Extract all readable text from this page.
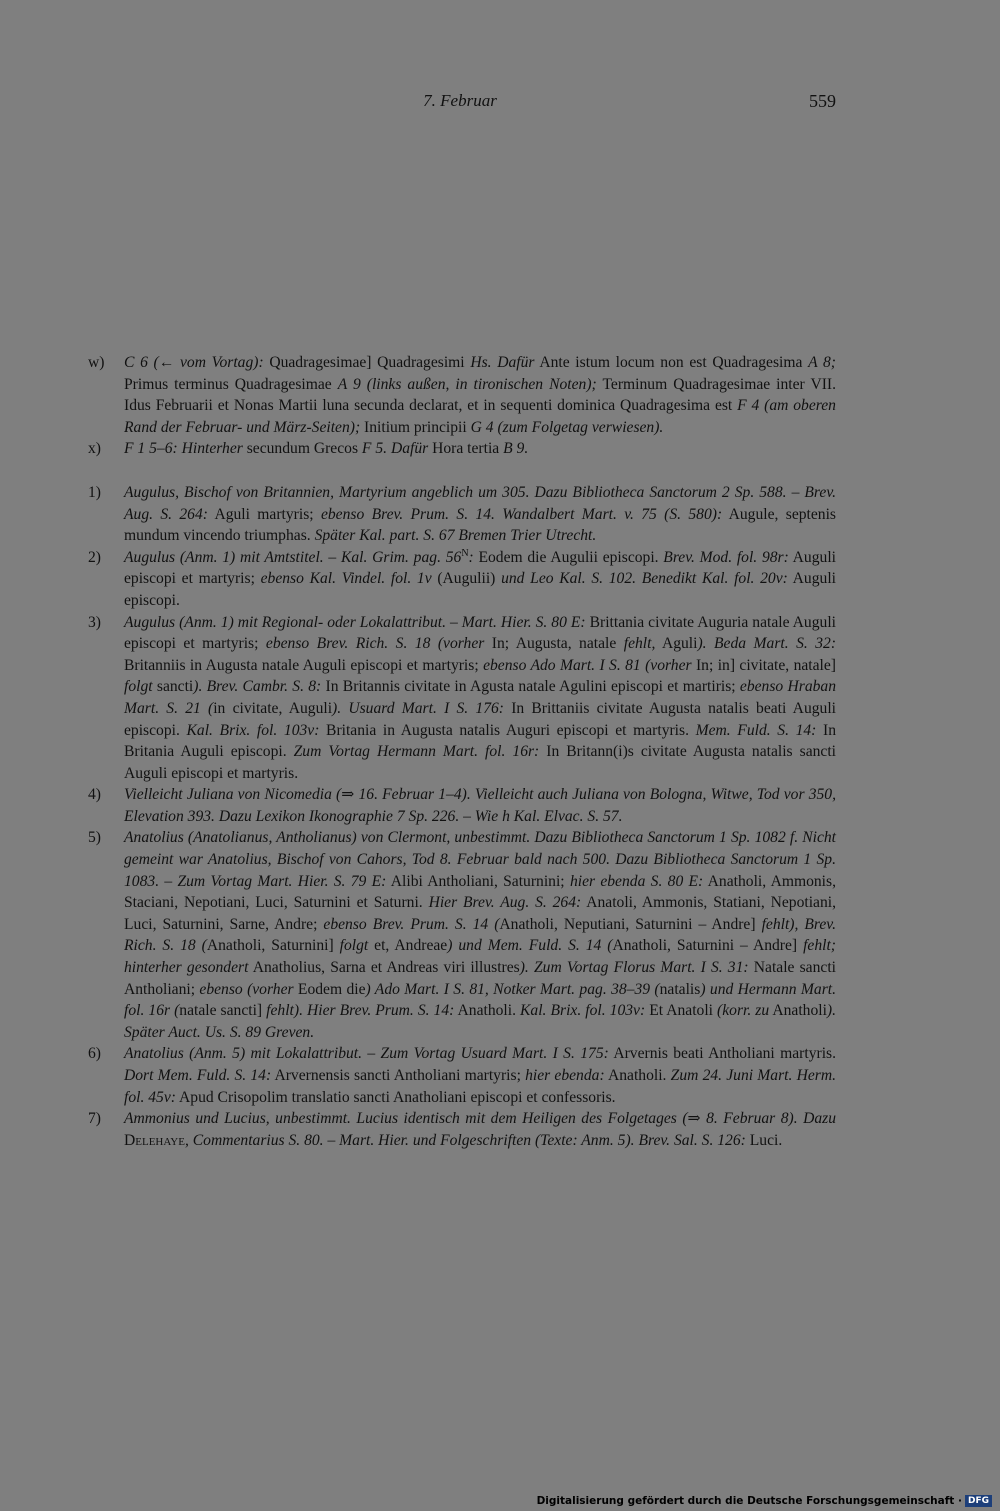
7. Februar	559
w)	C 6 (← vom Vortag): Quadragesimae] Quadragesimi Hs. Dafür Ante istum locum non est Quadragesima A 8; Primus terminus Quadragesimae A 9 (links außen, in tironischen Noten); Terminum Quadragesimae inter VII. Idus Februarii et Nonas Martii luna secunda declarat, et in sequenti dominica Quadragesima est F 4 (am oberen Rand der Februar- und März-Seiten); Initium principii G 4 (zum Folgetag verwiesen).
x)	F 1 5–6: Hinterher secundum Grecos F 5. Dafür Hora tertia B 9.
1)	Augulus, Bischof von Britannien, Martyrium angeblich um 305. Dazu Bibliotheca Sanctorum 2 Sp. 588. – Brev. Aug. S. 264: Aguli martyris; ebenso Brev. Prum. S. 14. Wandalbert Mart. v. 75 (S. 580): Augule, septenis mundum vincendo triumphas. Später Kal. part. S. 67 Bremen Trier Utrecht.
2)	Augulus (Anm. 1) mit Amtstitel. – Kal. Grim. pag. $56^N$: Eodem die Augulii episcopi. Brev. Mod. fol. 98r: Auguli episcopi et martyris; ebenso Kal. Vindel. fol. 1v (Augulii) und Leo Kal. S. 102. Benedikt Kal. fol. 20v: Auguli episcopi.
3)	Augulus (Anm. 1) mit Regional- oder Lokalattribut. – Mart. Hier. S. 80 E: Brittania civitate Auguria natale Auguli episcopi et martyris; ebenso Brev. Rich. S. 18 (vorher In; Augusta, natale fehlt, Aguli). Beda Mart. S. 32: Britanniis in Augusta natale Auguli episcopi et martyris; ebenso Ado Mart. I S. 81 (vorher In; in] civitate, natale] folgt sancti). Brev. Cambr. S. 8: In Britannis civitate in Agusta natale Agulini episcopi et martiris; ebenso Hraban Mart. S. 21 (in civitate, Auguli). Usuard Mart. I S. 176: In Brittaniis civitate Augusta natalis beati Auguli episcopi. Kal. Brix. fol. 103v: Britania in Augusta natalis Auguri episcopi et martyris. Mem. Fuld. S. 14: In Britania Auguli episcopi. Zum Vortag Hermann Mart. fol. 16r: In Britann(i)s civitate Augusta natalis sancti Auguli episcopi et martyris.
4)	Vielleicht Juliana von Nicomedia (⇒ 16. Februar 1–4). Vielleicht auch Juliana von Bologna, Witwe, Tod vor 350, Elevation 393. Dazu Lexikon Ikonographie 7 Sp. 226. – Wie h Kal. Elvac. S. 57.
5)	Anatolius (Anatolianus, Antholianus) von Clermont, unbestimmt. Dazu Bibliotheca Sanctorum 1 Sp. 1082 f. Nicht gemeint war Anatolius, Bischof von Cahors, Tod 8. Februar bald nach 500. Dazu Bibliotheca Sanctorum 1 Sp. 1083. – Zum Vortag Mart. Hier. S. 79 E: Alibi Antholiani, Saturnini; hier ebenda S. 80 E: Anatholi, Ammonis, Staciani, Nepotiani, Luci, Saturnini et Saturni. Hier Brev. Aug. S. 264: Anatoli, Ammonis, Statiani, Nepotiani, Luci, Saturnini, Sarne, Andre; ebenso Brev. Prum. S. 14 (Anatholi, Neputiani, Saturnini – Andre] fehlt), Brev. Rich. S. 18 (Anatholi, Saturnini] folgt et, Andreae) und Mem. Fuld. S. 14 (Anatholi, Saturnini – Andre] fehlt; hinterher gesondert Anatholius, Sarna et Andreas viri illustres). Zum Vortag Florus Mart. I S. 31: Natale sancti Antholiani; ebenso (vorher Eodem die) Ado Mart. I S. 81, Notker Mart. pag. 38–39 (natalis) und Hermann Mart. fol. 16r (natale sancti] fehlt). Hier Brev. Prum. S. 14: Anatholi. Kal. Brix. fol. 103v: Et Anatoli (korr. zu Anatholi). Später Auct. Us. S. 89 Greven.
6)	Anatolius (Anm. 5) mit Lokalattribut. – Zum Vortag Usuard Mart. I S. 175: Arvernis beati Antholiani martyris. Dort Mem. Fuld. S. 14: Arvernensis sancti Antholiani martyris; hier ebenda: Anatholi. Zum 24. Juni Mart. Herm. fol. 45v: Apud Crisopolim translatio sancti Anatholiani episcopi et confessoris.
7)	Ammonius und Lucius, unbestimmt. Lucius identisch mit dem Heiligen des Folgetages (⇒ 8. Februar 8). Dazu Delehaye, Commentarius S. 80. – Mart. Hier. und Folgeschriften (Texte: Anm. 5). Brev. Sal. S. 126: Luci.
Digitalisierung gefördert durch die Deutsche Forschungsgemeinschaft · DFG
